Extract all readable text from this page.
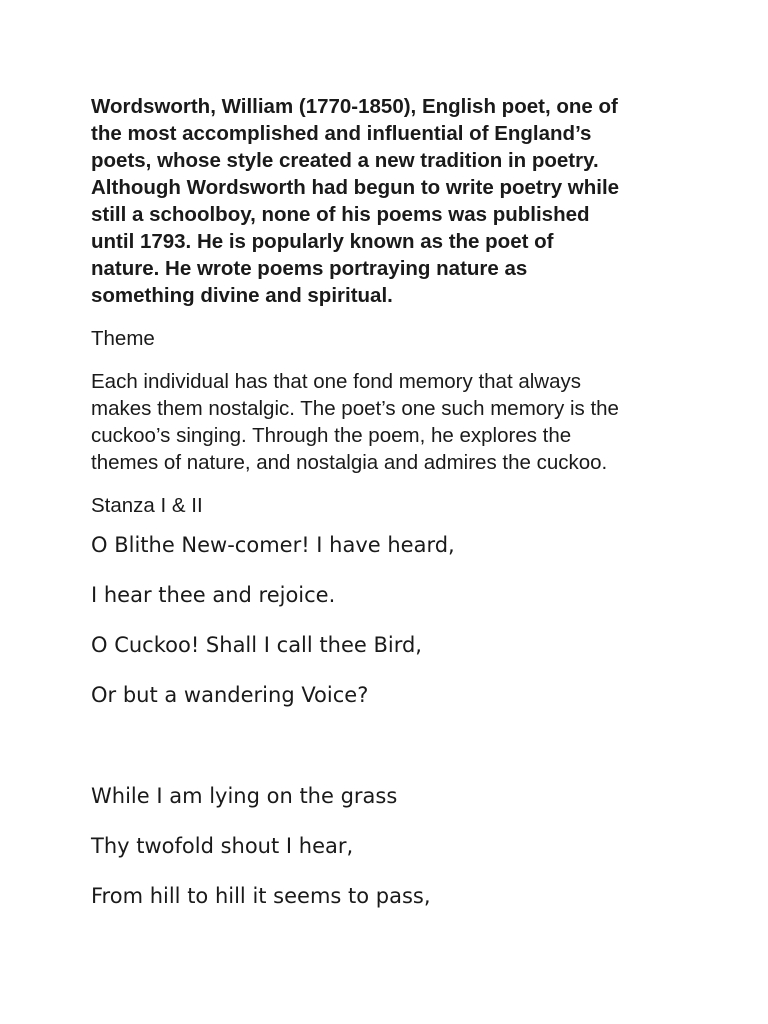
Wordsworth, William (1770-1850), English poet, one of
the most accomplished and influential of England’s
poets, whose style created a new tradition in poetry.
Although Wordsworth had begun to write poetry while
still a schoolboy, none of his poems was published
until 1793. He is popularly known as the poet of
nature. He wrote poems portraying nature as
something divine and spiritual.

Theme

Each individual has that one fond memory that always
makes them nostalgic. The poet’s one such memory is the
cuckoo’s singing. Through the poem, he explores the
themes of nature, and nostalgia and admires the cuckoo.

Stanza I & II

O Blithe New-comer! I have heard,

I hear thee and rejoice.

O Cuckoo! Shall I call thee Bird,

Or but a wandering Voice?

While I am lying on the grass

Thy twofold shout I hear,

From hill to hill it seems to pass,
